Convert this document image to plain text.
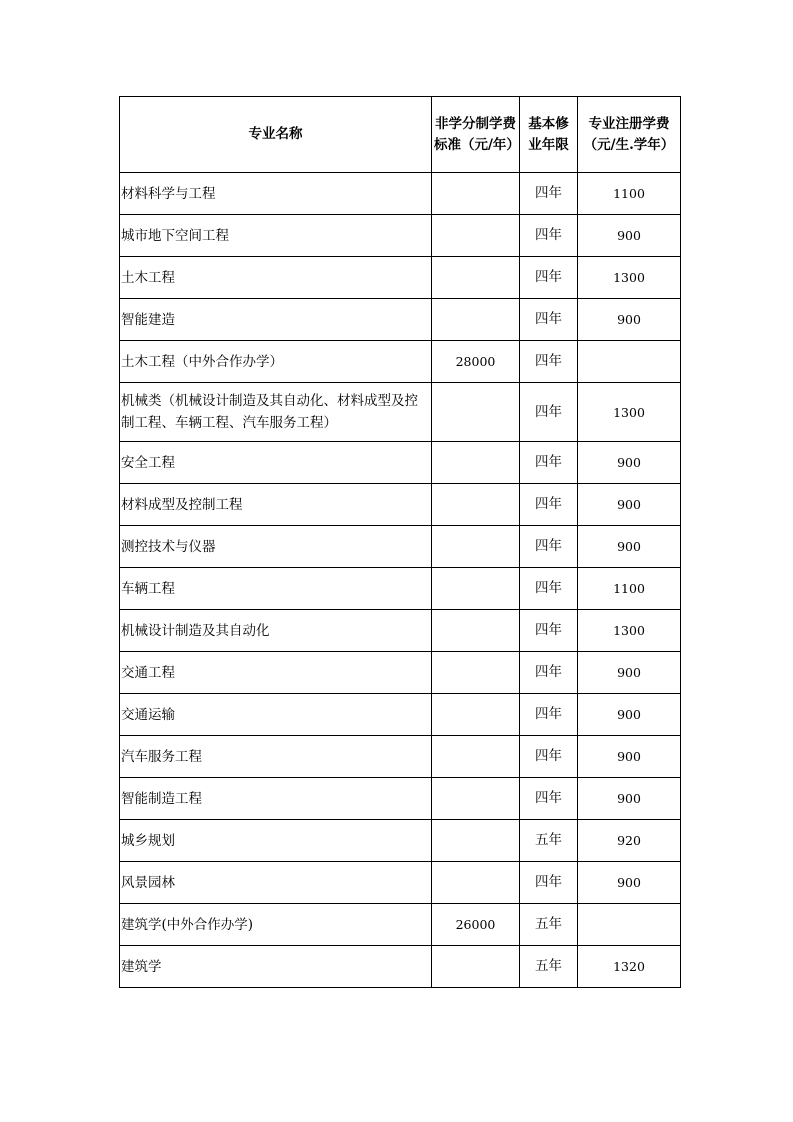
专业名称	非学分制学费标准（元/年）	基本修业年限	专业注册学费（元/生.学年）

材料科学与工程		四年	1100

城市地下空间工程		四年	900

土木工程		四年	1300

智能建造		四年	900

土木工程（中外合作办学）	28000	四年	

机械类（机械设计制造及其自动化、材料成型及控制工程、车辆工程、汽车服务工程）		四年	1300

安全工程		四年	900

材料成型及控制工程		四年	900

测控技术与仪器		四年	900

车辆工程		四年	1100

机械设计制造及其自动化		四年	1300

交通工程		四年	900

交通运输		四年	900

汽车服务工程		四年	900

智能制造工程		四年	900

城乡规划		五年	920

风景园林		四年	900

建筑学(中外合作办学)	26000	五年	

建筑学		五年	1320
